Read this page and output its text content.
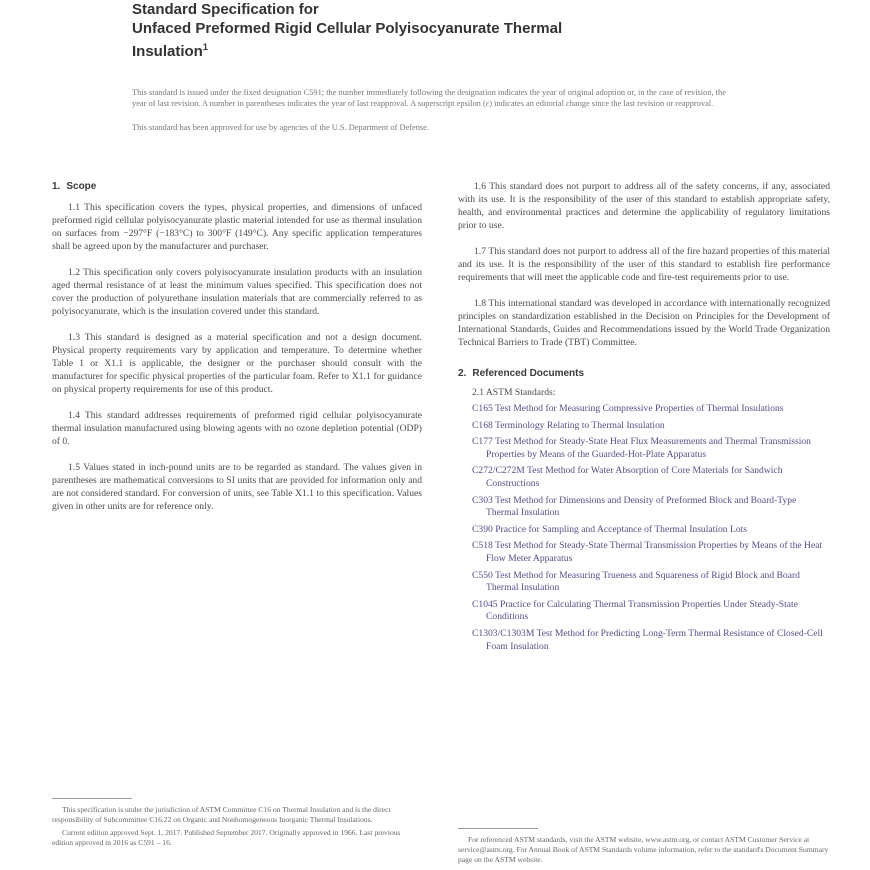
Standard Specification for
Unfaced Preformed Rigid Cellular Polyisocyanurate Thermal
Insulation$^1$

This standard is issued under the fixed designation C591; the number immediately following the designation indicates the year of original adoption or, in the case of revision, the year of last revision. A number in parentheses indicates the year of last reapproval. A superscript epsilon (ε) indicates an editorial change since the last revision or reapproval.

This standard has been approved for use by agencies of the U.S. Department of Defense.

1. Scope

1.1 This specification covers the types, physical properties, and dimensions of unfaced preformed rigid cellular polyisocyanurate plastic material intended for use as thermal insulation on surfaces from −297°F (−183°C) to 300°F (149°C). Any specific application temperatures shall be agreed upon by the manufacturer and purchaser.

1.2 This specification only covers polyisocyanurate insulation products with an insulation aged thermal resistance of at least the minimum values specified. This specification does not cover the production of polyurethane insulation materials that are commercially referred to as polyisocyanurate, which is the insulation covered under this standard.

1.3 This standard is designed as a material specification and not a design document. Physical property requirements vary by application and temperature. To determine whether Table 1 or X1.1 is applicable, the designer or the purchaser should consult with the manufacturer for specific physical properties of the particular foam. Refer to X1.1 for guidance on physical property requirements for use of this product.

1.4 This standard addresses requirements of preformed rigid cellular polyisocyanurate thermal insulation manufactured using blowing agents with no ozone depletion potential (ODP) of 0.

1.5 Values stated in inch-pound units are to be regarded as standard. The values given in parentheses are mathematical conversions to SI units that are provided for information only and are not considered standard. For conversion of units, see Table X1.1 to this specification. Values given in other units are for reference only.

1.6 This standard does not purport to address all of the safety concerns, if any, associated with its use. It is the responsibility of the user of this standard to establish appropriate safety, health, and environmental practices and determine the applicability of regulatory limitations prior to use.

1.7 This standard does not purport to address all of the fire hazard properties of this material and its use. It is the responsibility of the user of this standard to establish fire performance requirements that will meet the applicable code and fire-test requirements prior to use.

1.8 This international standard was developed in accordance with internationally recognized principles on standardization established in the Decision on Principles for the Development of International Standards, Guides and Recommendations issued by the World Trade Organization Technical Barriers to Trade (TBT) Committee.

2. Referenced Documents

2.1 ASTM Standards:

C165 Test Method for Measuring Compressive Properties of Thermal Insulations
C168 Terminology Relating to Thermal Insulation
C177 Test Method for Steady-State Heat Flux Measurements and Thermal Transmission Properties by Means of the Guarded-Hot-Plate Apparatus
C272/C272M Test Method for Water Absorption of Core Materials for Sandwich Constructions
C303 Test Method for Dimensions and Density of Preformed Block and Board-Type Thermal Insulation
C390 Practice for Sampling and Acceptance of Thermal Insulation Lots
C518 Test Method for Steady-State Thermal Transmission Properties by Means of the Heat Flow Meter Apparatus
C550 Test Method for Measuring Trueness and Squareness of Rigid Block and Board Thermal Insulation
C1045 Practice for Calculating Thermal Transmission Properties Under Steady-State Conditions
C1303/C1303M Test Method for Predicting Long-Term Thermal Resistance of Closed-Cell Foam Insulation

This specification is under the jurisdiction of ASTM Committee C16 on Thermal Insulation and is the direct responsibility of Subcommittee C16.22 on Organic and Nonhomogeneous Inorganic Thermal Insulations.

Current edition approved Sept. 1, 2017. Published September 2017. Originally approved in 1966. Last previous edition approved in 2016 as C591 – 16.	For referenced ASTM standards, visit the ASTM website, www.astm.org, or contact ASTM Customer Service at service@astm.org. For Annual Book of ASTM Standards volume information, refer to the standard's Document Summary page on the ASTM website.
